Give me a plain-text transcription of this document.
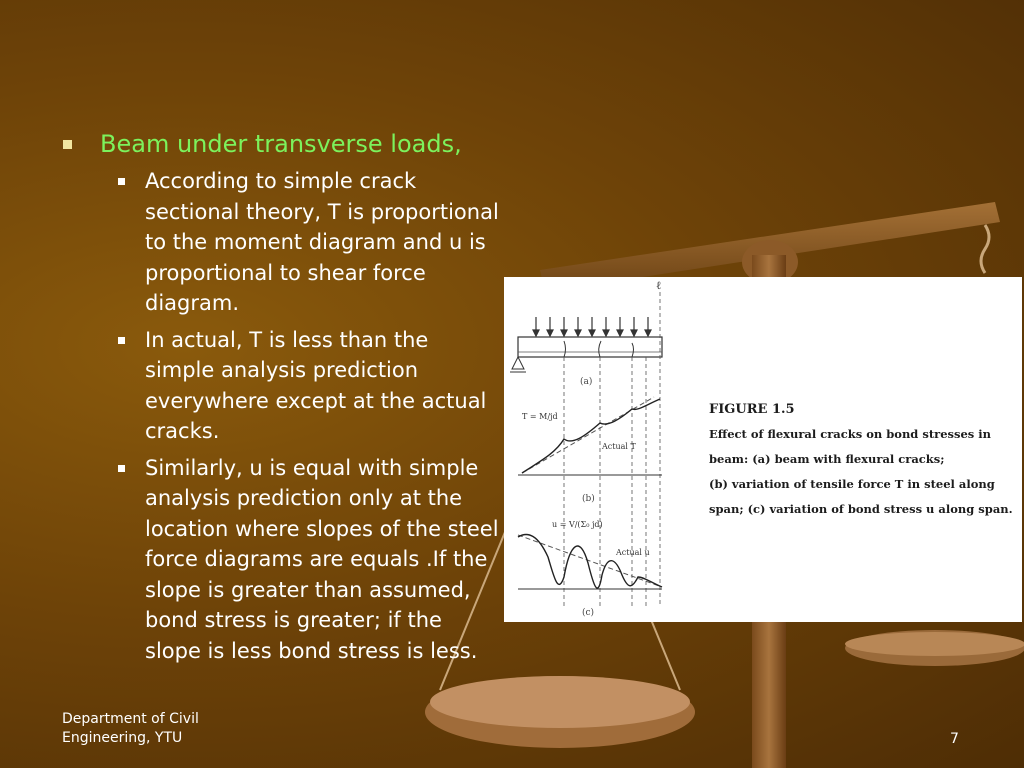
Beam under transverse loads,
According to simple crack sectional theory, T is proportional to the moment diagram and u is proportional to shear force diagram.
In actual, T is less than the simple analysis prediction everywhere except at the actual cracks.
Similarly, u is equal with simple analysis prediction only at the location where slopes of the steel force diagrams are equals .If the slope is greater than assumed, bond stress is greater; if the slope is less bond stress is less.
ℓ
(a)
T = M/jd
Actual T
(b)
u = V/(Σ₀ jd)
Actual u
(c)
FIGURE 1.5
Effect of flexural cracks on bond stresses in
beam: (a) beam with flexural cracks;
(b) variation of tensile force T in steel along
span; (c) variation of bond stress u along span.
Department of Civil
Engineering, YTU	7
